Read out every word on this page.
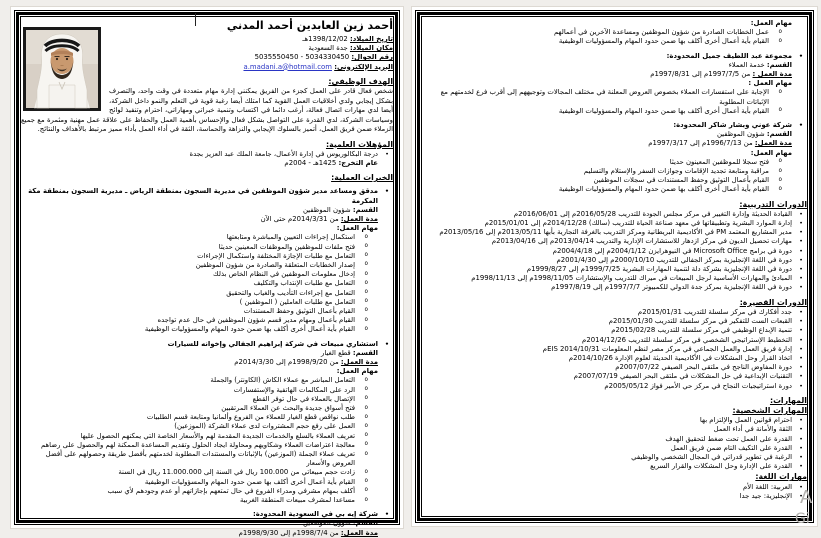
أحمد زين العابدين أحمد المدني
تاريخ الميلاد: 1398/12/02هـ
مكان الميلاد: جدة السعودية
رقم الجوال: 5034330450 - 5035550450
البريد الإلكتروني: a.madani.a@hotmail.com
الهدف الوظيفي:
شخص فعال قادر على العمل كجزء من الفريق يمكنني إدارة مهام متعددة في وقت واحد، والتصرف بشكل إيجابي ولدي أخلاقيات العمل القوية كما امتلك أيضا رغبة قوية في التعلم والنمو داخل الشركة، أيضا لدي مهارات اتصال فعالة، أرغب دائما في اكتساب وتنمية خبراتي ومهاراتي، احترام وتنفيذ لوائح وسياسات الشركة، لدي القدرة على التواصل بشكل فعال والإحساس بأهمية العمل والحفاظ على علاقة عمل مهنية ومثمرة مع جميع الزملاء ضمن فريق العمل، أتميز بالسلوك الإيجابي والنزاهة والحماسة، الثقة في أداء العمل بأداء مميز مرتبط بالأهداف والنتائج.
المؤهلات العلمية:
• درجة البكالوريوس في إدارة الأعمال، جامعة الملك عبد العزيز بجدة
عام التخرج: 1425هـ - 2004م
الخبرات العملية:
• مدقق ومساعد مدير شؤون الموظفين في مديرية السجون بمنطقة الرياض ـ مديرية السجون بمنطقة مكة المكرمة
القسم: شؤون الموظفين
مدة العمل: من 2014/3/31م حتى الآن
مهام العمل:
o استكمال إجراءات التعيين والمباشرة ومتابعتها
o فتح ملفات للموظفين والموظفات المعينين حديثا
o التعامل مع طلبات الإجازة المختلفة واستكمال الإجراءات
o إصدار الخطابات المتعلقة والصادرة من شؤون الموظفين
o إدخال معلومات الموظفين في النظام الخاص بذلك
o التعامل مع طلبات الإنتداب والتكليف
o التعامل مع إجراءات التأديب والغياب والتحقيق
o التعامل مع طلبات العاملين ( الموظفين )
o القيام بأعمال التوثيق وحفظ المستندات
o القيام بأعمال ومهام مدير قسم شؤون الموظفين في حال عدم تواجده
o القيام بأية أعمال أخرى أكلف بها ضمن حدود المهام والمسؤوليات الوظيفية
• استشاري مبيعات في شركة إبراهيم الجفالي وإخوانه للسيارات
القسم: قطع الغيار
مدة العمل: من 1998/9/20م إلى 2014/3/30م
مهام العمل:
o التعامل المباشر مع عملاء الكاش (الكاونتر) والجملة
o الرد على المكالمات الهاتفية والإستفسارات
o الإتصال بالعملاء في حال توفر القطع
o فتح أسواق جديدة والبحث عن العملاء المرتقبين
o طلب نواقص قطع الغيار للعملاء من الفروع وألمانيا ومتابعة قسم الطلبيات
o العمل على رفع حجم المشتروات لدى عملاء الشركة (الموزعين)
o تعريف العملاء بالسلع والخدمات الجديدة المقدمة لهم والأسعار الخاصة التي يمكنهم الحصول عليها
o معالجة اعتراضات العملاء وشكاويهم ومحاولة ايجاد الحلول وتقديم المساعدة الممكنة لهم والحصول على رضاهم
o تعريف عملاء الجملة (الموزعين) بالإثباتات والمستندات المطلوبة لخدمتهم بأفضل طريقة وحصولهم على أفضل العروض والأسعار
o زادت حجم مبيعاتي من 100.000 ريال في السنة إلى 11.000.000 ريال في السنة
o القيام بأية أعمال أخرى أكلف بها ضمن حدود المهام والمسؤوليات الوظيفية
o أكلف بمهام مشرفي ومدراء الفروع في حال تمتعهم بإجازاتهم أو عدم وجودهم لأي سبب
o مساعدا لمشرف مبيعات المنطقة الغربية
• شركة إيه بي في السعودية المحدودة:
القسم: شؤون الموظفين
مدة العمل: من 1998/7/4م إلى 1998/9/30م
مهام العمل:
o عمل الخطابات الصادرة من شؤون الموظفين ومساعدة الآخرين في أعمالهم
o القيام بأية أعمال أخرى أكلف بها ضمن حدود المهام والمسؤوليات الوظيفية
• مجموعة عبد اللطيف جميل المحدودة:
القسم: خدمة العملاء
مدة العمل : من 1997/7/5م إلى 1997/8/31م
مهام العمل :
o الإجابة على استفسارات العملاء بخصوص العروض المعلنة في مختلف المجالات وتوجيههم إلى أقرب فرع لخدمتهم مع الإثباتات المطلوبة
o القيام بأية أعمال أخرى أكلف بها ضمن حدود المهام والمسؤوليات الوظيفية
• شركة عوني وبشار شاكر المحدودة:
القسم: شؤون الموظفين
مدة العمل: من 1996/7/13م إلى 1997/3/17م
مهام العمل:
o فتح سجلا للموظفين المعينون حديثا
o مراقبة ومتابعة تجديد الإقامات وجوازات السفر والإستلام والتسليم
o القيام بأعمال التوثيق وحفظ المستندات في سجلات الموظفين
o القيام بأية أعمال أخرى أكلف بها ضمن حدود المهام والمسؤوليات الوظيفية
الدورات التدريبية:
• القيادة الحديثة وإدارة التغيير في مركز مجلس الجودة للتدريب 2016/05/28م إلى 2016/06/01م
• إدارة الموارد البشرية وتطبيقاتها في معهد صناعة الحياة للتدريب (سالك) 2014/12/28م إلى 2015/01/01م
• مدير المشاريع المعتمد PM في الأكاديمية البريطانية ومركز التدريب بالغرفة التجارية بأبها 2013/05/11م إلى 2013/05/16م
• مهارات تحصيل الديون في مركز ازدهار للاستشارات الإدارية والتدريب 2013/04/14م إلى 2013/04/16م
• دورة في برامج Microsoft Office في النيوهرايزن 2004/1/12م إلى 2004/4/18م
• دورة في اللغة الإنجليزية بمركز الجفالي للتدريب 2000/10/10م إلى 2001/4/30م
• دورة في اللغة الإنجليزية بشركة دلة لتنمية المهارات البشرية 1999/7/25م إلى 1999/8/27م
• المبادئ والمهارات الأساسية لرجل المبيعات في ميراك للتدريب والإستشارات 1998/11/05م إلى 1998/11/13م
• دورة في اللغة الإنجليزية بمركز جدة الدولي للكمبيوتر 1997/7/7م إلى 1997/8/19م
الدورات القصيرة:
• جدد أفكارك في مركز سلسلة للتدريب 2015/01/31م
• القبعات الست للتفكير في مركز سلسلة للتدريب 2015/01/30م
• تنمية الإبداع الوظيفي في مركز سلسلة للتدريب 2015/02/28م
• التخطيط الإستراتيجي الشخصي في مركز سلسلة للتدريب 2014/12/26م
• إدارة فريق العمل والعمل الجماعي في مركز مصر لنظم المعلومات EIS 2014/10/31م
• اتخاذ القرار وحل المشكلات في الأكاديمية الحديثة لعلوم الإدارة 2014/10/26م
• دورة المفاوض الناجح في ملتقى البحر الصيفي 2007/07/22م
• التقنيات الإبداعية في حل المشكلات في ملتقى البحر الصيفي 2007/07/19م
• دورة استراتيجيات النجاح في مركز حي الأمير فواز 2005/05/12م
المهارات:
المهارات الشخصية:
• احترام قوانين العمل والإلتزام بها
• الثقة والأمانة في أداء العمل
• القدرة على العمل تحت ضغط لتحقيق الهدف
• القدرة على التكيف التام ضمن فريق العمل
• الرغبة في تطوير قدراتي في المجال الشخصي والوظيفي
• القدرة على الإدارة وحل المشكلات والقرار السريع
مهارات اللغة:
• العربية: اللغة الأم
• الإنجليزية: جيد جدا A
Gi
